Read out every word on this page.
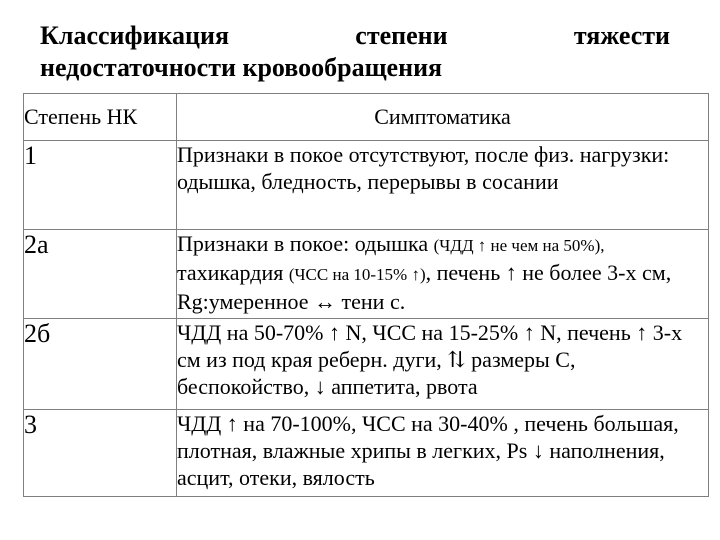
Классификация	степени	тяжести
недостаточности кровообращения
Степень НК	Симптоматика
1	Признаки в покое отсутствуют, после физ. нагрузки: одышка, бледность, перерывы в сосании
2а	Признаки в покое: одышка (ЧДД ↑ не чем на 50%), тахикардия (ЧСС на 10-15% ↑), печень ↑ не более 3-х см, Rg:умеренное ↔ тени с.
2б	ЧДД на 50-70% ↑ N, ЧСС на 15-25% ↑ N, печень ↑ 3-х см из под края реберн. дуги, ⇅ размеры С, беспокойство, ↓ аппетита, рвота
3	ЧДД ↑ на 70-100%, ЧСС на 30-40% , печень большая, плотная, влажные хрипы в легких, Ps ↓ наполнения, асцит, отеки, вялость
